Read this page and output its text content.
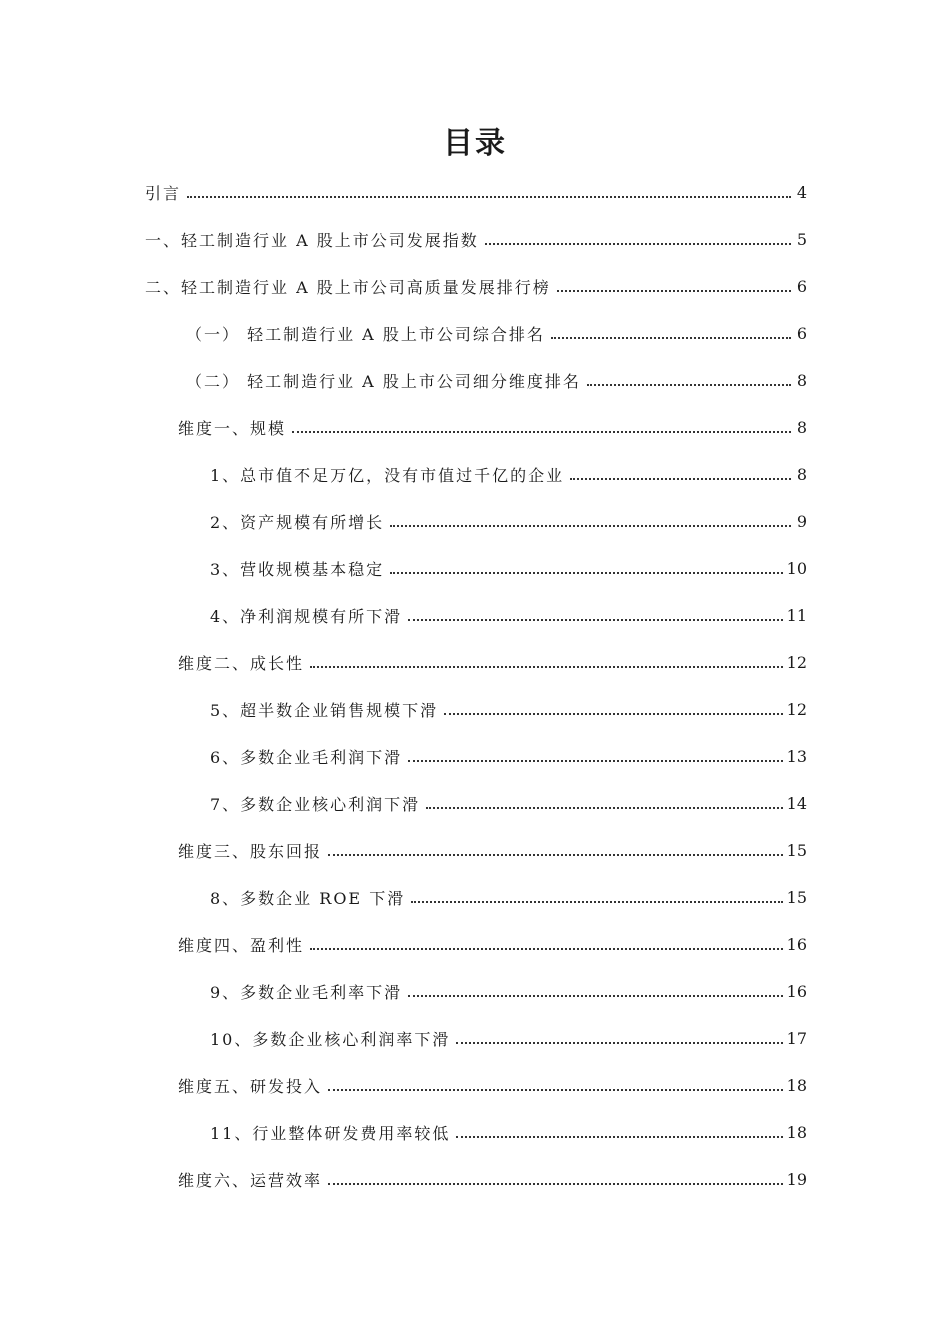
目录
引言	4
一、轻工制造行业 A 股上市公司发展指数	5
二、轻工制造行业 A 股上市公司高质量发展排行榜	6
（一） 轻工制造行业 A 股上市公司综合排名	6
（二） 轻工制造行业 A 股上市公司细分维度排名	8
维度一、规模	8
1、总市值不足万亿，没有市值过千亿的企业	8
2、资产规模有所增长	9
3、营收规模基本稳定	10
4、净利润规模有所下滑	11
维度二、成长性	12
5、超半数企业销售规模下滑	12
6、多数企业毛利润下滑	13
7、多数企业核心利润下滑	14
维度三、股东回报	15
8、多数企业 ROE 下滑	15
维度四、盈利性	16
9、多数企业毛利率下滑	16
10、多数企业核心利润率下滑	17
维度五、研发投入	18
11、行业整体研发费用率较低	18
维度六、运营效率	19
